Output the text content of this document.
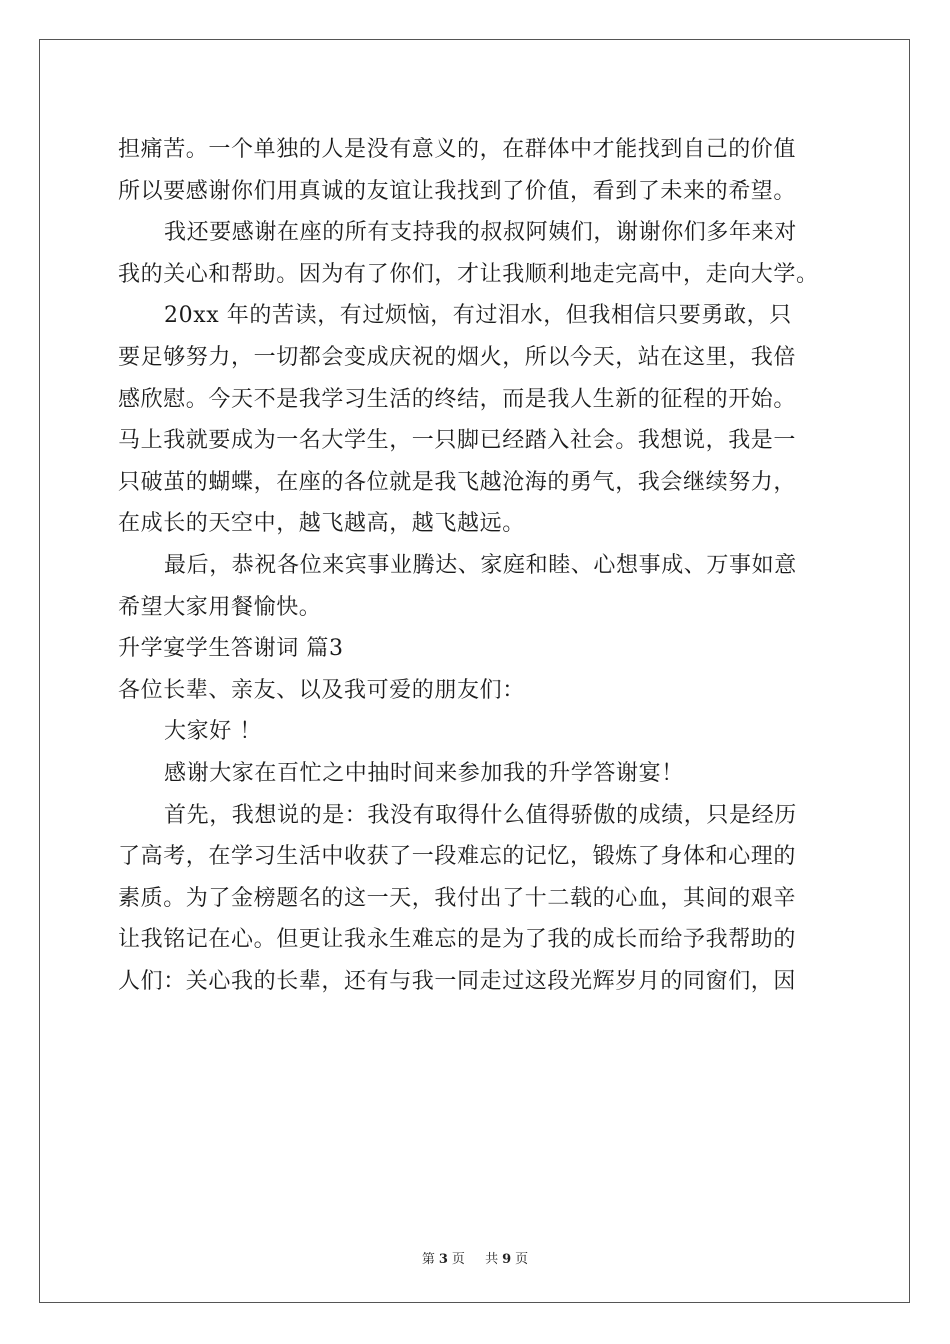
担痛苦。一个单独的人是没有意义的，在群体中才能找到自己的价值
所以要感谢你们用真诚的友谊让我找到了价值，看到了未来的希望。
我还要感谢在座的所有支持我的叔叔阿姨们，谢谢你们多年来对
我的关心和帮助。因为有了你们，才让我顺利地走完高中，走向大学。
20xx 年的苦读，有过烦恼，有过泪水，但我相信只要勇敢，只
要足够努力，一切都会变成庆祝的烟火，所以今天，站在这里，我倍
感欣慰。今天不是我学习生活的终结，而是我人生新的征程的开始。
马上我就要成为一名大学生，一只脚已经踏入社会。我想说，我是一
只破茧的蝴蝶，在座的各位就是我飞越沧海的勇气，我会继续努力，
在成长的天空中，越飞越高，越飞越远。
最后，恭祝各位来宾事业腾达、家庭和睦、心想事成、万事如意
希望大家用餐愉快。
升学宴学生答谢词 篇3
各位长辈、亲友、以及我可爱的朋友们：
大家好 ！
感谢大家在百忙之中抽时间来参加我的升学答谢宴！
首先，我想说的是：我没有取得什么值得骄傲的成绩，只是经历
了高考，在学习生活中收获了一段难忘的记忆，锻炼了身体和心理的
素质。为了金榜题名的这一天，我付出了十二载的心血，其间的艰辛
让我铭记在心。但更让我永生难忘的是为了我的成长而给予我帮助的
人们：关心我的长辈，还有与我一同走过这段光辉岁月的同窗们，因
第 3 页 共 9 页
